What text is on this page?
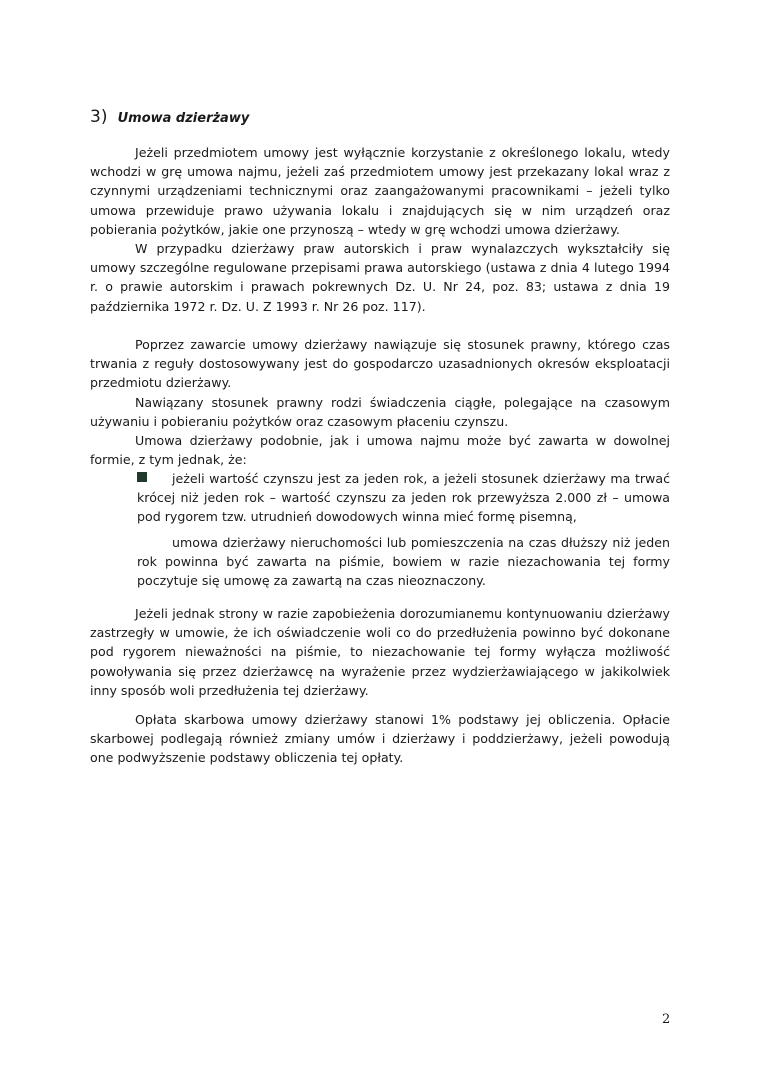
3) Umowa dzierżawy

Jeżeli przedmiotem umowy jest wyłącznie korzystanie z określonego lokalu, wtedy wchodzi w grę umowa najmu, jeżeli zaś przedmiotem umowy jest przekazany lokal wraz z czynnymi urządzeniami technicznymi oraz zaangażowanymi pracownikami – jeżeli tylko umowa przewiduje prawo używania lokalu i znajdujących się w nim urządzeń oraz pobierania pożytków, jakie one przynoszą – wtedy w grę wchodzi umowa dzierżawy.

W przypadku dzierżawy praw autorskich i praw wynalazczych wykształciły się umowy szczególne regulowane przepisami prawa autorskiego (ustawa z dnia 4 lutego 1994 r. o prawie autorskim i prawach pokrewnych Dz. U. Nr 24, poz. 83; ustawa z dnia 19 października 1972 r. Dz. U. Z 1993 r. Nr 26 poz. 117).

Poprzez zawarcie umowy dzierżawy nawiązuje się stosunek prawny, którego czas trwania z reguły dostosowywany jest do gospodarczo uzasadnionych okresów eksploatacji przedmiotu dzierżawy.

Nawiązany stosunek prawny rodzi świadczenia ciągłe, polegające na czasowym używaniu i pobieraniu pożytków oraz czasowym płaceniu czynszu.

Umowa dzierżawy podobnie, jak i umowa najmu może być zawarta w dowolnej formie, z tym jednak, że:

jeżeli wartość czynszu jest za jeden rok, a jeżeli stosunek dzierżawy ma trwać krócej niż jeden rok – wartość czynszu za jeden rok przewyższa 2.000 zł – umowa pod rygorem tzw. utrudnień dowodowych winna mieć formę pisemną,
umowa dzierżawy nieruchomości lub pomieszczenia na czas dłuższy niż jeden rok powinna być zawarta na piśmie, bowiem w razie niezachowania tej formy poczytuje się umowę za zawartą na czas nieoznaczony.

Jeżeli jednak strony w razie zapobieżenia dorozumianemu kontynuowaniu dzierżawy zastrzegły w umowie, że ich oświadczenie woli co do przedłużenia powinno być dokonane pod rygorem nieważności na piśmie, to niezachowanie tej formy wyłącza możliwość powoływania się przez dzierżawcę na wyrażenie przez wydzierżawiającego w jakikolwiek inny sposób woli przedłużenia tej dzierżawy.

Opłata skarbowa umowy dzierżawy stanowi 1% podstawy jej obliczenia. Opłacie skarbowej podlegają również zmiany umów i dzierżawy i poddzierżawy, jeżeli powodują one podwyższenie podstawy obliczenia tej opłaty.

2
